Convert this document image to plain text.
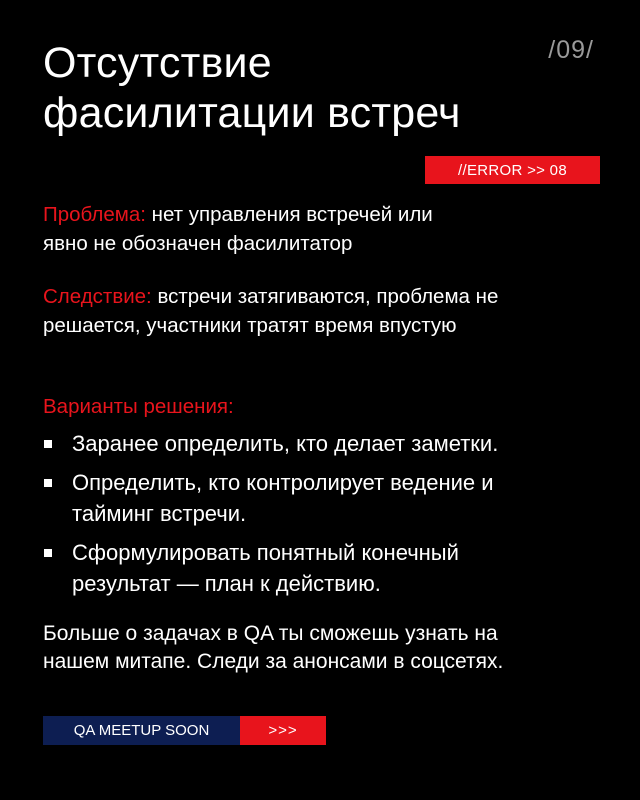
Отсутствие
фасилитации встреч
/09/
//ERROR >> 08

Проблема: нет управления встречей или явно не обозначен фасилитатор

Следствие: встречи затягиваются, проблема не решается, участники тратят время впустую

Варианты решения:

Заранее определить, кто делает заметки.
Определить, кто контролирует ведение и тайминг встречи.
Сформулировать понятный конечный результат — план к действию.

Больше о задачах в QA ты сможешь узнать на нашем митапе. Следи за анонсами в соцсетях.

QA MEETUP SOON	>>>
